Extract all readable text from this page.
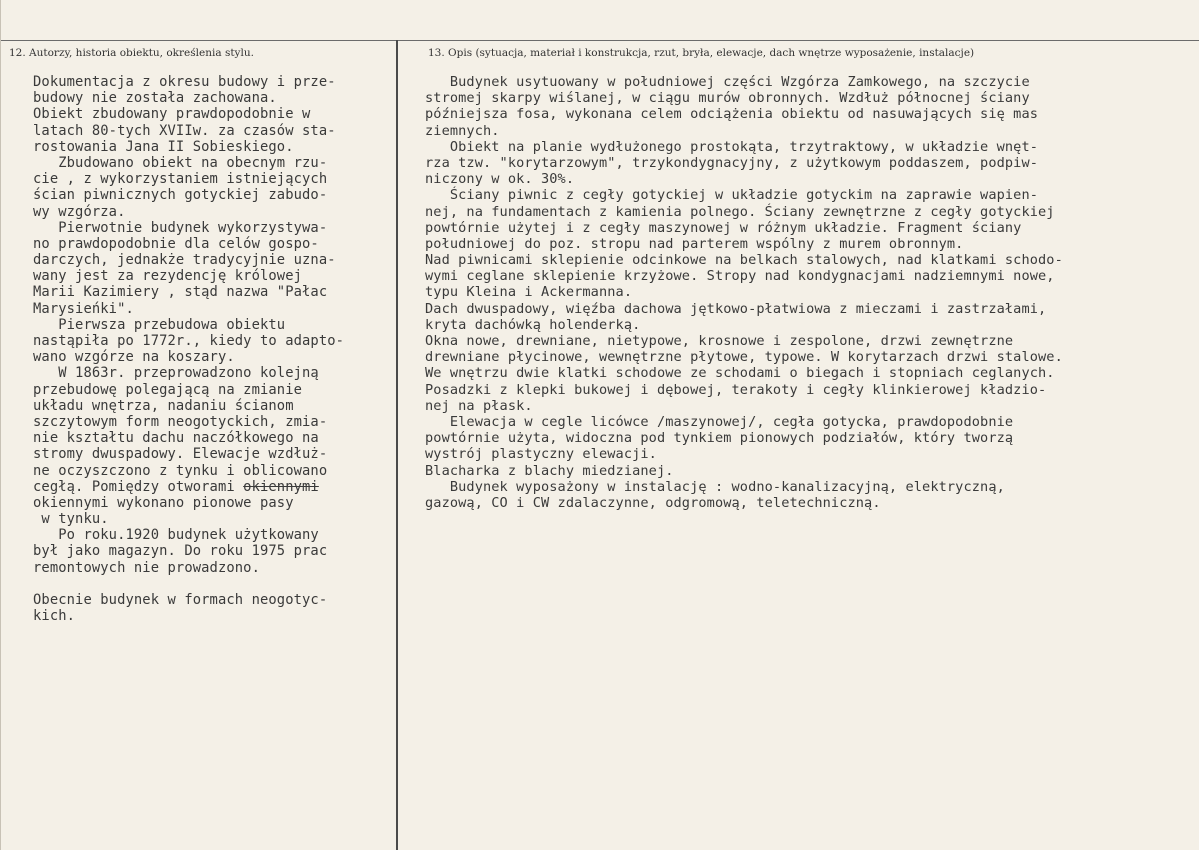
12. Autorzy, historia obiektu, określenia stylu.	13. Opis (sytuacja, materiał i konstrukcja, rzut, bryła, elewacje, dach wnętrze wyposażenie, instalacje)
Dokumentacja z okresu budowy i prze-
budowy nie została zachowana.
Obiekt zbudowany prawdopodobnie w
latach 80-tych XVIIw. za czasów sta-
rostowania Jana II Sobieskiego.
Zbudowano obiekt na obecnym rzu-
cie , z wykorzystaniem istniejących
ścian piwnicznych gotyckiej zabudo-
wy wzgórza.
Pierwotnie budynek wykorzystywa-
no prawdopodobnie dla celów gospo-
darczych, jednakże tradycyjnie uzna-
wany jest za rezydencję królowej
Marii Kazimiery , stąd nazwa "Pałac
Marysieńki".
Pierwsza przebudowa obiektu
nastąpiła po 1772r., kiedy to adapto-
wano wzgórze na koszary.
W 1863r. przeprowadzono kolejną
przebudowę polegającą na zmianie
układu wnętrza, nadaniu ścianom
szczytowym form neogotyckich, zmia-
nie kształtu dachu naczółkowego na
stromy dwuspadowy. Elewacje wzdłuż-
ne oczyszczono z tynku i oblicowano
cegłą. Pomiędzy otworami okiennymi
okiennymi wykonano pionowe pasy
w tynku.
Po roku.1920 budynek użytkowany
był jako magazyn. Do roku 1975 prac
remontowych nie prowadzono.
Obecnie budynek w formach neogotyc-
kich.
Budynek usytuowany w południowej części Wzgórza Zamkowego, na szczycie
stromej skarpy wiślanej, w ciągu murów obronnych. Wzdłuż północnej ściany
późniejsza fosa, wykonana celem odciążenia obiektu od nasuwających się mas
ziemnych.
Obiekt na planie wydłużonego prostokąta, trzytraktowy, w układzie wnęt-
rza tzw. "korytarzowym", trzykondygnacyjny, z użytkowym poddaszem, podpiw-
niczony w ok. 30%.
Ściany piwnic z cegły gotyckiej w układzie gotyckim na zaprawie wapien-
nej, na fundamentach z kamienia polnego. Ściany zewnętrzne z cegły gotyckiej
powtórnie użytej i z cegły maszynowej w różnym układzie. Fragment ściany
południowej do poz. stropu nad parterem wspólny z murem obronnym.
Nad piwnicami sklepienie odcinkowe na belkach stalowych, nad klatkami schodo-
wymi ceglane sklepienie krzyżowe. Stropy nad kondygnacjami nadziemnymi nowe,
typu Kleina i Ackermanna.
Dach dwuspadowy, więźba dachowa jętkowo-płatwiowa z mieczami i zastrzałami,
kryta dachówką holenderką.
Okna nowe, drewniane, nietypowe, krosnowe i zespolone, drzwi zewnętrzne
drewniane płycinowe, wewnętrzne płytowe, typowe. W korytarzach drzwi stalowe.
We wnętrzu dwie klatki schodowe ze schodami o biegach i stopniach ceglanych.
Posadzki z klepki bukowej i dębowej, terakoty i cegły klinkierowej kładzio-
nej na płask.
Elewacja w cegle licówce /maszynowej/, cegła gotycka, prawdopodobnie
powtórnie użyta, widoczna pod tynkiem pionowych podziałów, który tworzą
wystrój plastyczny elewacji.
Blacharka z blachy miedzianej.
Budynek wyposażony w instalację : wodno-kanalizacyjną, elektryczną,
gazową, CO i CW zdalaczynne, odgromową, teletechniczną.
